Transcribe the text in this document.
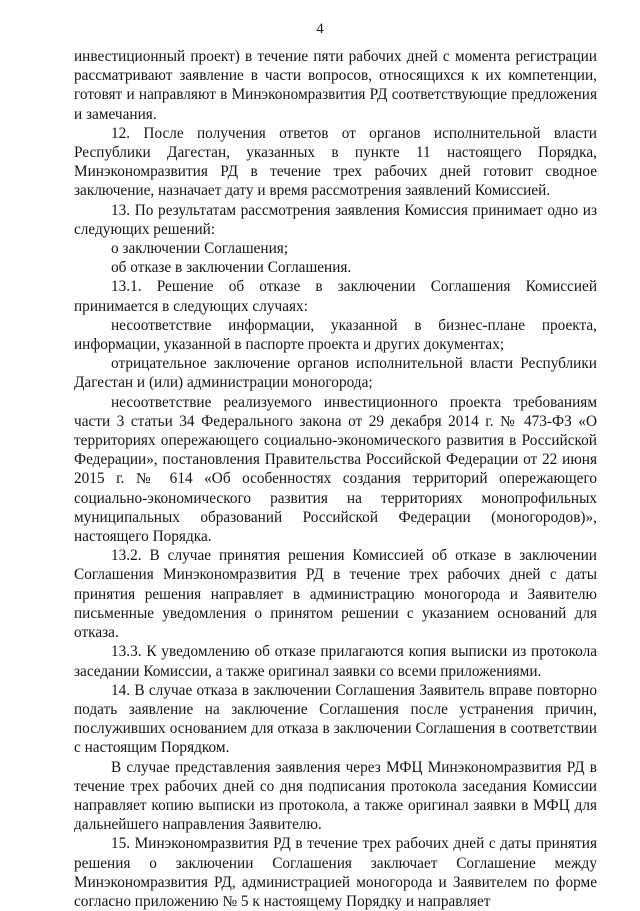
4

инвестиционный проект) в течение пяти рабочих дней с момента регистрации рассматривают заявление в части вопросов, относящихся к их компетенции, готовят и направляют в Минэкономразвития РД соответствующие предложения и замечания.

12. После получения ответов от органов исполнительной власти Республики Дагестан, указанных в пункте 11 настоящего Порядка, Минэкономразвития РД в течение трех рабочих дней готовит сводное заключение, назначает дату и время рассмотрения заявлений Комиссией.

13. По результатам рассмотрения заявления Комиссия принимает одно из следующих решений:

о заключении Соглашения;

об отказе в заключении Соглашения.

13.1. Решение об отказе в заключении Соглашения Комиссией принимается в следующих случаях:

несоответствие информации, указанной в бизнес-плане проекта, информации, указанной в паспорте проекта и других документах;

отрицательное заключение органов исполнительной власти Республики Дагестан и (или) администрации моногорода;

несоответствие реализуемого инвестиционного проекта требованиям части 3 статьи 34 Федерального закона от 29 декабря 2014 г. № 473-ФЗ «О территориях опережающего социально-экономического развития в Российской Федерации», постановления Правительства Российской Федерации от 22 июня 2015 г. № 614 «Об особенностях создания территорий опережающего социально-экономического развития на территориях монопрофильных муниципальных образований Российской Федерации (моногородов)», настоящего Порядка.

13.2. В случае принятия решения Комиссией об отказе в заключении Соглашения Минэкономразвития РД в течение трех рабочих дней с даты принятия решения направляет в администрацию моногорода и Заявителю письменные уведомления о принятом решении с указанием оснований для отказа.

13.3. К уведомлению об отказе прилагаются копия выписки из протокола заседании Комиссии, а также оригинал заявки со всеми приложениями.

14. В случае отказа в заключении Соглашения Заявитель вправе повторно подать заявление на заключение Соглашения после устранения причин, послуживших основанием для отказа в заключении Соглашения в соответствии с настоящим Порядком.

В случае представления заявления через МФЦ Минэкономразвития РД в течение трех рабочих дней со дня подписания протокола заседания Комиссии направляет копию выписки из протокола, а также оригинал заявки в МФЦ для дальнейшего направления Заявителю.

15. Минэкономразвития РД в течение трех рабочих дней с даты принятия решения о заключении Соглашения заключает Соглашение между Минэкономразвития РД, администрацией моногорода и Заявителем по форме согласно приложению № 5 к настоящему Порядку и направляет
